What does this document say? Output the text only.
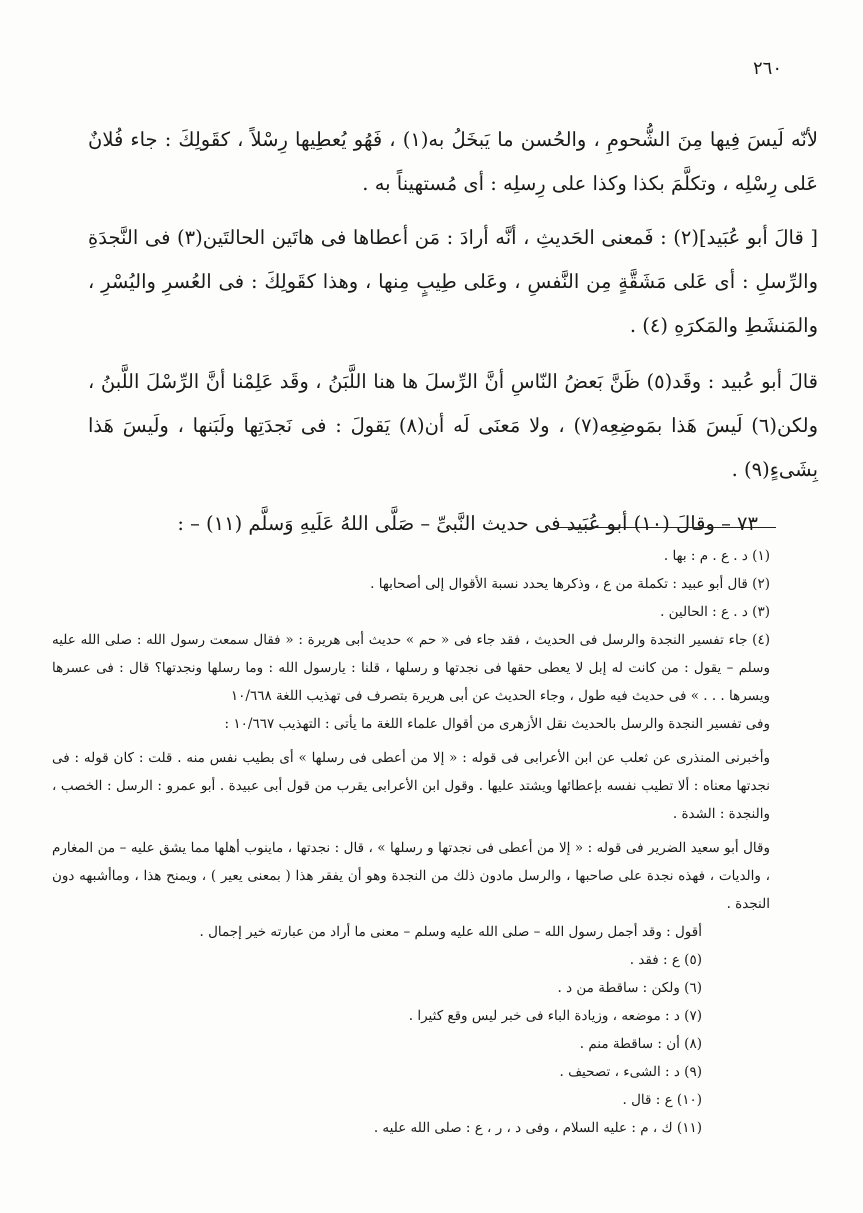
٢٦٠

لأنّه لَيسَ فِيها مِنَ الشُّحومِ ، والحُسن ما يَبخَلُ به(١) ، فَهُو يُعطِيها رِسْلاً ، كقَولِكَ : جاء فُلانٌ عَلى رِسْلِه ، وتكلَّمَ بكذا وكذا على رِسلِه : أى مُستهيناً به .

[ قالَ أبو عُبَيد](٢) : فَمعنى الحَديثِ ، أنَّه أرادَ : مَن أعطاها فى هاتَين الحالتَين(٣) فى النَّجدَةِ والرِّسلِ : أى عَلى مَشَقَّةٍ مِن النَّفسِ ، وعَلى طِيبٍ مِنها ، وهذا كقَولِكَ : فى العُسرِ واليُسْرِ ، والمَنشَطِ والمَكرَهِ (٤) .

قالَ أبو عُبيد : وقَد(٥) ظَنَّ بَعضُ النّاسِ أنَّ الرِّسلَ ها هنا اللَّبَنُ ، وقَد عَلِمْنا أنَّ الرِّسْلَ اللَّبنُ ، ولكن(٦) لَيسَ هَذا بمَوضِعِه(٧) ، ولا مَعنَى لَه أن(٨) يَقولَ : فى نَجدَتِها ولَبَنها ، ولَيسَ هَذا بِشَىءٍ(٩) .

٧٣ – وقالَ (١٠) أبو عُبَيد فى حديث النَّبىِّ – صَلَّى اللهُ عَلَيهِ وَسلَّم (١١) – :

(١) د . ع . م : بها .

(٢) قال أبو عبيد : تكملة من ع ، وذكرها يحدد نسبة الأقوال إلى أصحابها .

(٣) د . ع : الحالين .

(٤) جاء تفسير النجدة والرسل فى الحديث ، فقد جاء فى « حم » حديث أبى هريرة : « فقال سمعت رسول الله : صلى الله عليه وسلم – يقول : من كانت له إبل لا يعطى حقها فى نجدتها و رسلها ، قلنا : يارسول الله : وما رسلها ونجدتها؟ قال : فى عسرها ويسرها . . . » فى حديث فيه طول ، وجاء الحديث عن أبى هريرة بتصرف فى تهذيب اللغة ١٠/٦٦٨

وفى تفسير النجدة والرسل بالحديث نقل الأزهرى من أقوال علماء اللغة ما يأتى : التهذيب ١٠/٦٦٧ :

وأخبرنى المنذرى عن ثعلب عن ابن الأعرابى فى قوله : « إلا من أعطى فى رسلها » أى بطيب نفس منه . قلت : كان قوله : فى نجدتها معناه : ألا تطيب نفسه بإعطائها ويشتد عليها . وقول ابن الأعرابى يقرب من قول أبى عبيدة . أبو عمرو : الرسل : الخصب ، والنجدة : الشدة .

وقال أبو سعيد الضرير فى قوله : « إلا من أعطى فى نجدتها و رسلها » ، قال : نجدتها ، ماينوب أهلها مما يشق عليه – من المغارم ، والديات ، فهذه نجدة على صاحبها ، والرسل مادون ذلك من النجدة وهو أن يفقر هذا ( بمعنى يعير ) ، ويمنح هذا ، وماأشبهه دون النجدة .

أقول : وقد أجمل رسول الله – صلى الله عليه وسلم – معنى ما أراد من عبارته خير إجمال .

(٥) ع : فقد .

(٦) ولكن : ساقطة من د .

(٧) د : موضعه ، وزيادة الباء فى خبر ليس وقع كثيرا .

(٨) أن : ساقطة منم .

(٩) د : الشىء ، تصحيف .

(١٠) ع : قال .

(١١) ك ، م : عليه السلام ، وفى د ، ر ، ع : صلى الله عليه .
